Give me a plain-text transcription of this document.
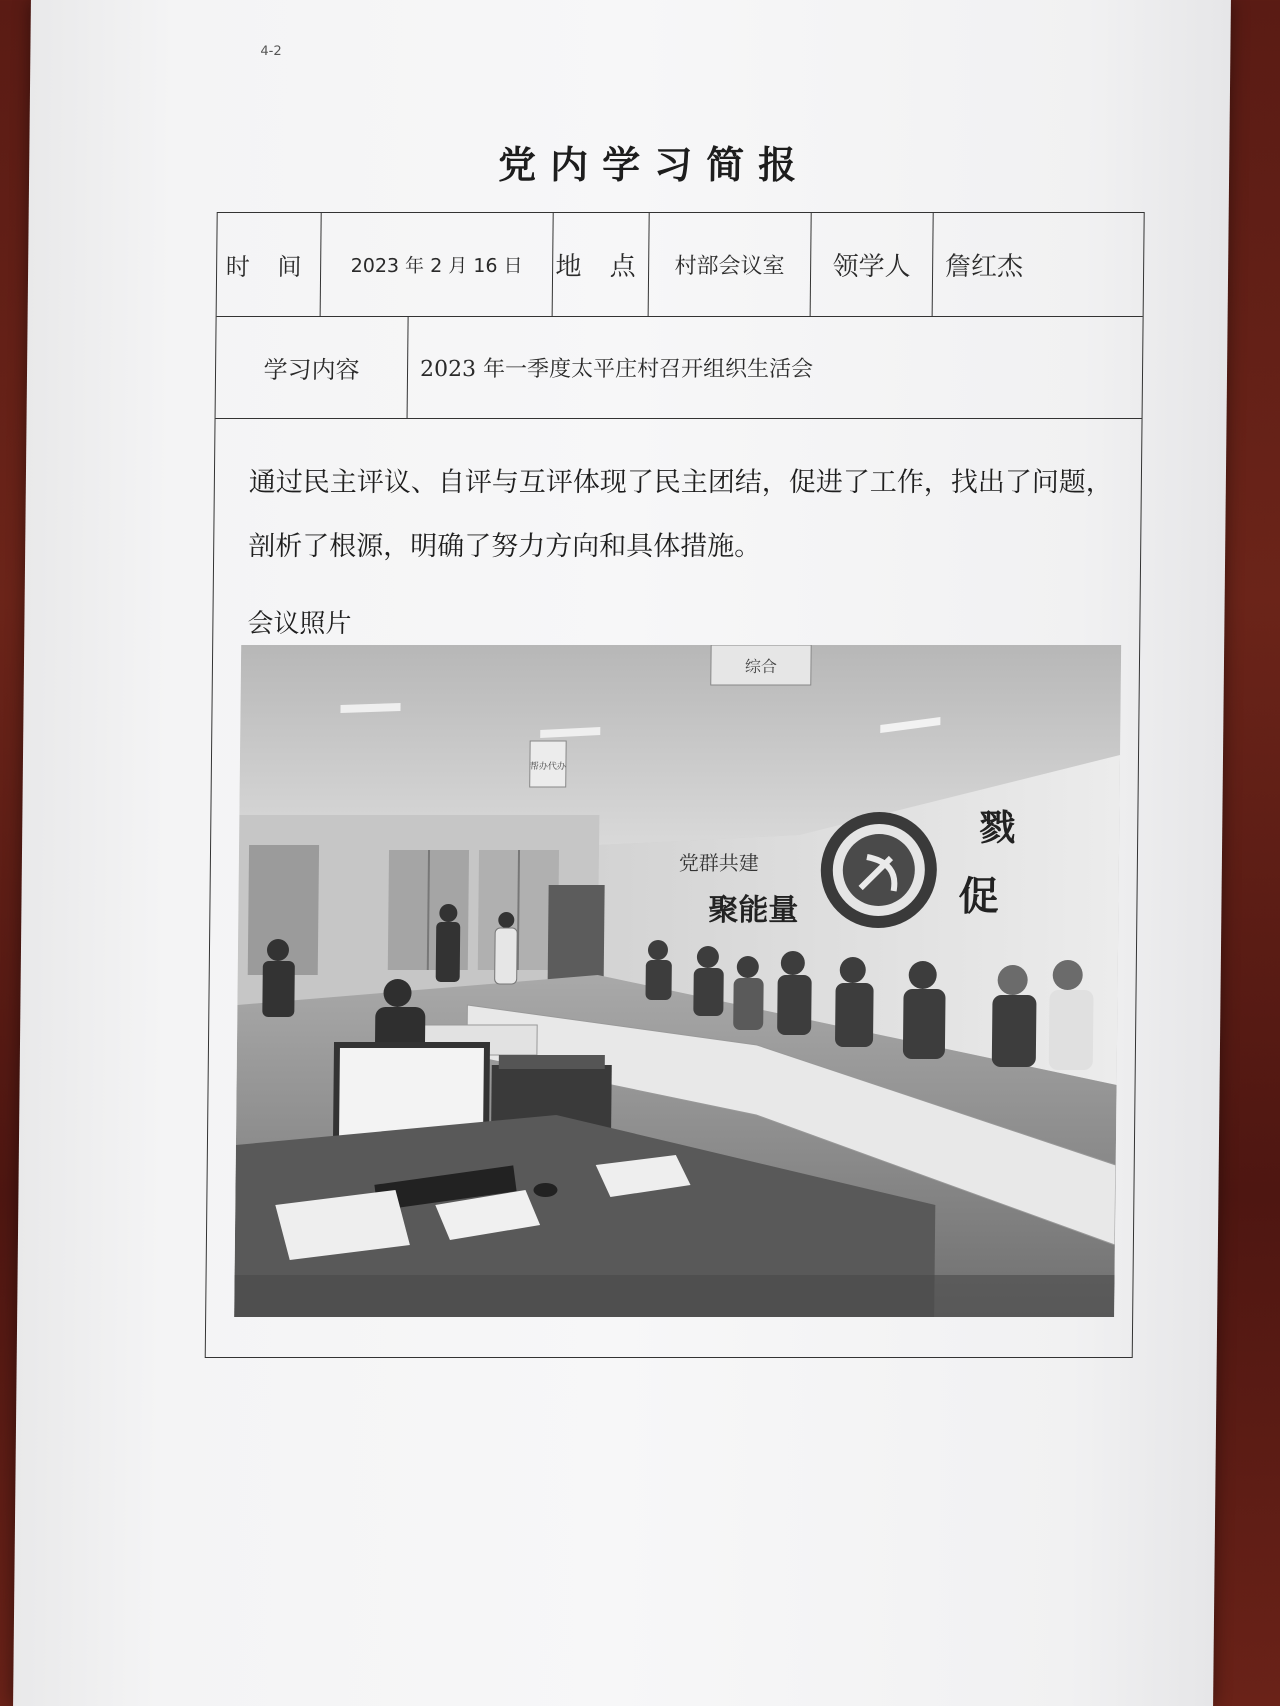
4-2
党内学习简报
时 间	2023 年 2 月 16 日	地 点	村部会议室	领学人	詹红杰
学习内容	2023 年一季度太平庄村召开组织生活会
通过民主评议、自评与互评体现了民主团结，促进了工作，找出了问题，剖析了根源，明确了努力方向和具体措施。
会议照片
综合
帮办代办
党群共建
聚能量
戮
促
